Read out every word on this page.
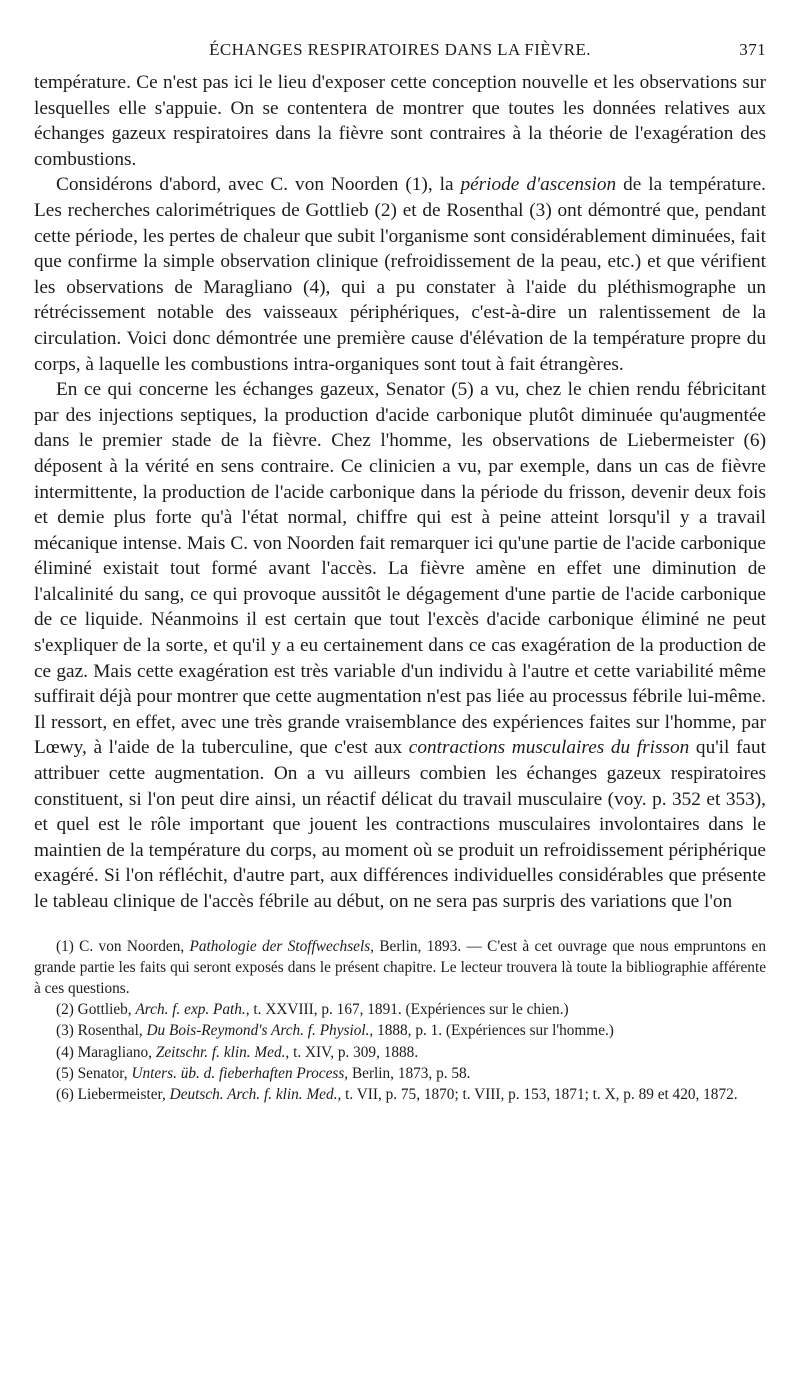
ÉCHANGES RESPIRATOIRES DANS LA FIÈVRE.	371

température. Ce n'est pas ici le lieu d'exposer cette conception nouvelle et les observations sur lesquelles elle s'appuie. On se contentera de montrer que toutes les données relatives aux échanges gazeux respiratoires dans la fièvre sont contraires à la théorie de l'exagération des combustions.

Considérons d'abord, avec C. von Noorden (1), la période d'ascension de la température. Les recherches calorimétriques de Gottlieb (2) et de Rosenthal (3) ont démontré que, pendant cette période, les pertes de chaleur que subit l'organisme sont considérablement diminuées, fait que confirme la simple observation clinique (refroidissement de la peau, etc.) et que vérifient les observations de Maragliano (4), qui a pu constater à l'aide du pléthismographe un rétrécissement notable des vaisseaux périphériques, c'est-à-dire un ralentissement de la circulation. Voici donc démontrée une première cause d'élévation de la température propre du corps, à laquelle les combustions intra-organiques sont tout à fait étrangères.

En ce qui concerne les échanges gazeux, Senator (5) a vu, chez le chien rendu fébricitant par des injections septiques, la production d'acide carbonique plutôt diminuée qu'augmentée dans le premier stade de la fièvre. Chez l'homme, les observations de Liebermeister (6) déposent à la vérité en sens contraire. Ce clinicien a vu, par exemple, dans un cas de fièvre intermittente, la production de l'acide carbonique dans la période du frisson, devenir deux fois et demie plus forte qu'à l'état normal, chiffre qui est à peine atteint lorsqu'il y a travail mécanique intense. Mais C. von Noorden fait remarquer ici qu'une partie de l'acide carbonique éliminé existait tout formé avant l'accès. La fièvre amène en effet une diminution de l'alcalinité du sang, ce qui provoque aussitôt le dégagement d'une partie de l'acide carbonique de ce liquide. Néanmoins il est certain que tout l'excès d'acide carbonique éliminé ne peut s'expliquer de la sorte, et qu'il y a eu certainement dans ce cas exagération de la production de ce gaz. Mais cette exagération est très variable d'un individu à l'autre et cette variabilité même suffirait déjà pour montrer que cette augmentation n'est pas liée au processus fébrile lui-même. Il ressort, en effet, avec une très grande vraisemblance des expériences faites sur l'homme, par Lœwy, à l'aide de la tuberculine, que c'est aux contractions musculaires du frisson qu'il faut attribuer cette augmentation. On a vu ailleurs combien les échanges gazeux respiratoires constituent, si l'on peut dire ainsi, un réactif délicat du travail musculaire (voy. p. 352 et 353), et quel est le rôle important que jouent les contractions musculaires involontaires dans le maintien de la température du corps, au moment où se produit un refroidissement périphérique exagéré. Si l'on réfléchit, d'autre part, aux différences individuelles considérables que présente le tableau clinique de l'accès fébrile au début, on ne sera pas surpris des variations que l'on

(1) C. von Noorden, Pathologie der Stoffwechsels, Berlin, 1893. — C'est à cet ouvrage que nous empruntons en grande partie les faits qui seront exposés dans le présent chapitre. Le lecteur trouvera là toute la bibliographie afférente à ces questions.

(2) Gottlieb, Arch. f. exp. Path., t. XXVIII, p. 167, 1891. (Expériences sur le chien.)

(3) Rosenthal, Du Bois-Reymond's Arch. f. Physiol., 1888, p. 1. (Expériences sur l'homme.)

(4) Maragliano, Zeitschr. f. klin. Med., t. XIV, p. 309, 1888.

(5) Senator, Unters. üb. d. fieberhaften Process, Berlin, 1873, p. 58.

(6) Liebermeister, Deutsch. Arch. f. klin. Med., t. VII, p. 75, 1870; t. VIII, p. 153, 1871; t. X, p. 89 et 420, 1872.
